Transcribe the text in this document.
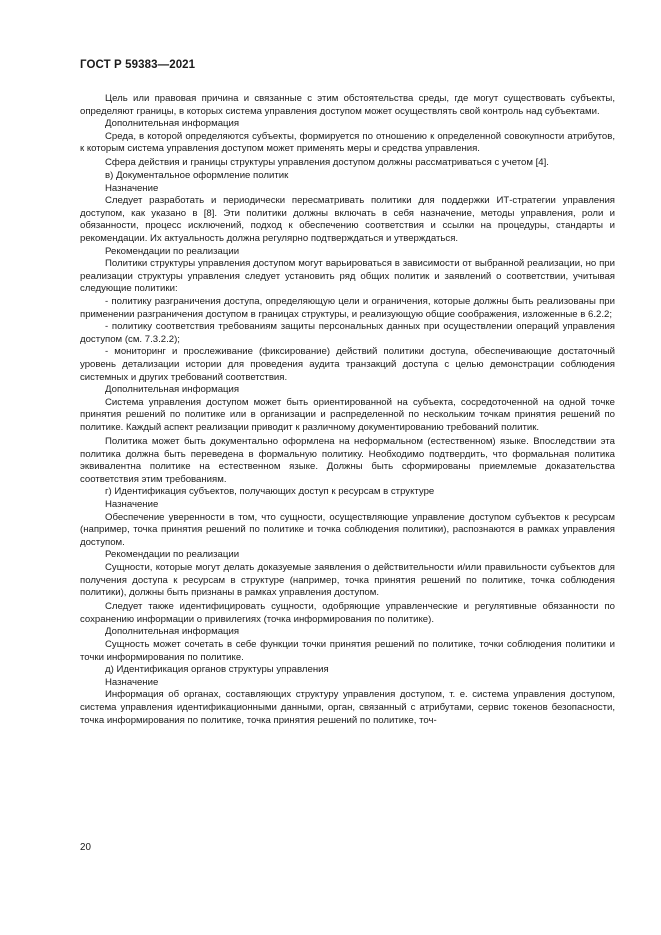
ГОСТ Р 59383—2021

Цель или правовая причина и связанные с этим обстоятельства среды, где могут существовать субъекты, определяют границы, в которых система управления доступом может осуществлять свой контроль над субъектами.

Дополнительная информация

Среда, в которой определяются субъекты, формируется по отношению к определенной совокупности атрибутов, к которым система управления доступом может применять меры и средства управления.

Сфера действия и границы структуры управления доступом должны рассматриваться с учетом [4].

в) Документальное оформление политик

Назначение

Следует разработать и периодически пересматривать политики для поддержки ИТ-стратегии управления доступом, как указано в [8]. Эти политики должны включать в себя назначение, методы управления, роли и обязанности, процесс исключений, подход к обеспечению соответствия и ссылки на процедуры, стандарты и рекомендации. Их актуальность должна регулярно подтверждаться и утверждаться.

Рекомендации по реализации

Политики структуры управления доступом могут варьироваться в зависимости от выбранной реализации, но при реализации структуры управления следует установить ряд общих политик и заявлений о соответствии, учитывая следующие политики:

- политику разграничения доступа, определяющую цели и ограничения, которые должны быть реализованы при применении разграничения доступом в границах структуры, и реализующую общие соображения, изложенные в 6.2.2;

- политику соответствия требованиям защиты персональных данных при осуществлении операций управления доступом (см. 7.3.2.2);

- мониторинг и прослеживание (фиксирование) действий политики доступа, обеспечивающие достаточный уровень детализации истории для проведения аудита транзакций доступа с целью демонстрации соблюдения системных и других требований соответствия.

Дополнительная информация

Система управления доступом может быть ориентированной на субъекта, сосредоточенной на одной точке принятия решений по политике или в организации и распределенной по нескольким точкам принятия решений по политике. Каждый аспект реализации приводит к различному документированию требований политик.

Политика может быть документально оформлена на неформальном (естественном) языке. Впоследствии эта политика должна быть переведена в формальную политику. Необходимо подтвердить, что формальная политика эквивалентна политике на естественном языке. Должны быть сформированы приемлемые доказательства соответствия этим требованиям.

г) Идентификация субъектов, получающих доступ к ресурсам в структуре

Назначение

Обеспечение уверенности в том, что сущности, осуществляющие управление доступом субъектов к ресурсам (например, точка принятия решений по политике и точка соблюдения политики), распознаются в рамках управления доступом.

Рекомендации по реализации

Сущности, которые могут делать доказуемые заявления о действительности и/или правильности субъектов для получения доступа к ресурсам в структуре (например, точка принятия решений по политике, точка соблюдения политики), должны быть признаны в рамках управления доступом.

Следует также идентифицировать сущности, одобряющие управленческие и регулятивные обязанности по сохранению информации о привилегиях (точка информирования по политике).

Дополнительная информация

Сущность может сочетать в себе функции точки принятия решений по политике, точки соблюдения политики и точки информирования по политике.

д) Идентификация органов структуры управления

Назначение

Информация об органах, составляющих структуру управления доступом, т. е. система управления доступом, система управления идентификационными данными, орган, связанный с атрибутами, сервис токенов безопасности, точка информирования по политике, точка принятия решений по политике, точ-

20
